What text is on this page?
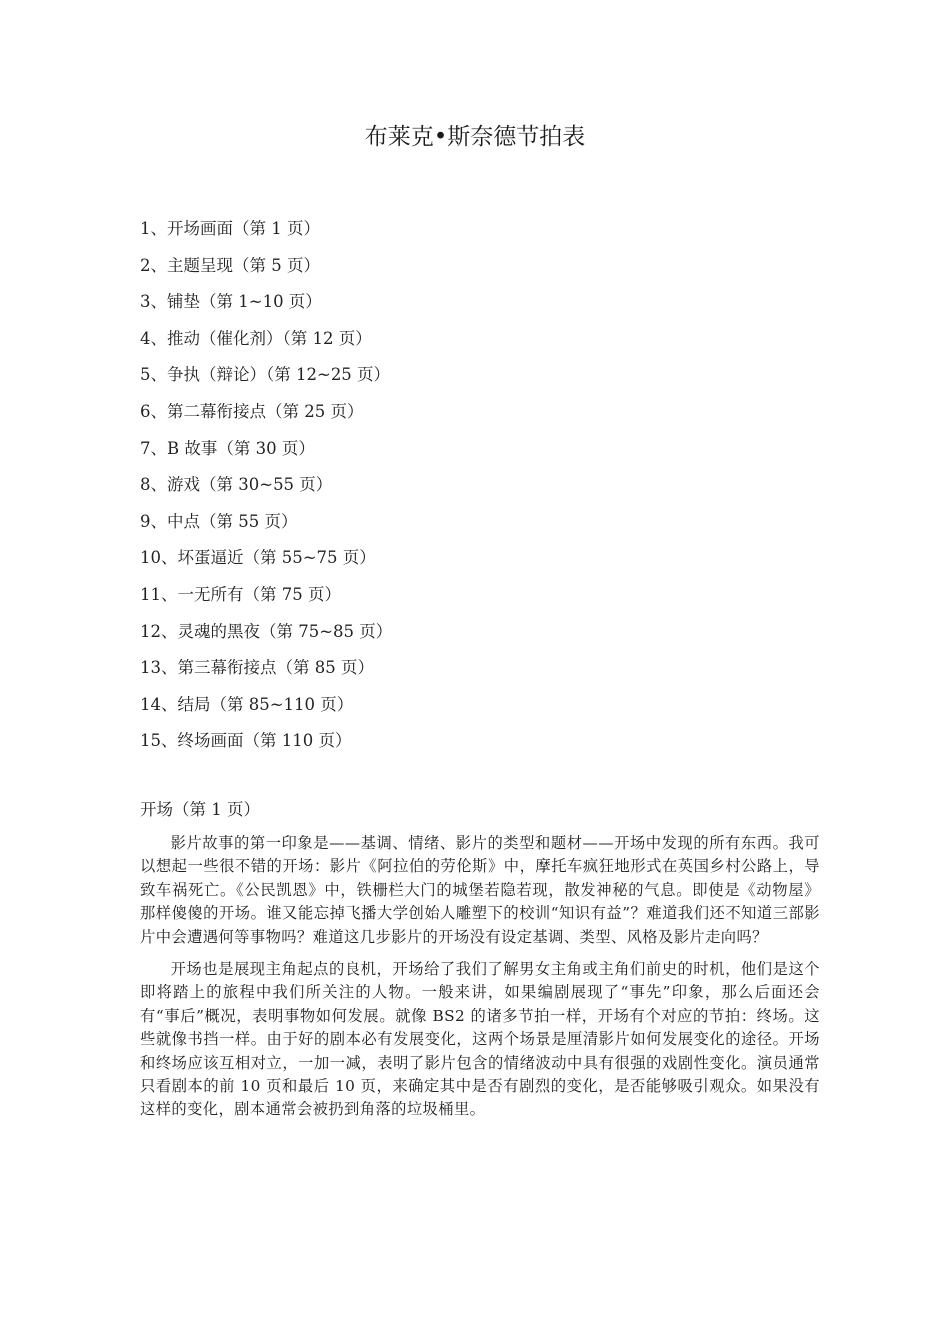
布莱克•斯奈德节拍表
1、开场画面（第 1 页）
2、主题呈现（第 5 页）
3、铺垫（第 1~10 页）
4、推动（催化剂）（第 12 页）
5、争执（辩论）（第 12~25 页）
6、第二幕衔接点（第 25 页）
7、B 故事（第 30 页）
8、游戏（第 30~55 页）
9、中点（第 55 页）
10、坏蛋逼近（第 55~75 页）
11、一无所有（第 75 页）
12、灵魂的黑夜（第 75~85 页）
13、第三幕衔接点（第 85 页）
14、结局（第 85~110 页）
15、终场画面（第 110 页）
开场（第 1 页）

影片故事的第一印象是——基调、情绪、影片的类型和题材——开场中发现的所有东西。我可以想起一些很不错的开场：影片《阿拉伯的劳伦斯》中，摩托车疯狂地形式在英国乡村公路上，导致车祸死亡。《公民凯恩》中，铁栅栏大门的城堡若隐若现，散发神秘的气息。即使是《动物屋》那样傻傻的开场。谁又能忘掉飞播大学创始人雕塑下的校训“知识有益”？难道我们还不知道三部影片中会遭遇何等事物吗？难道这几步影片的开场没有设定基调、类型、风格及影片走向吗？

开场也是展现主角起点的良机，开场给了我们了解男女主角或主角们前史的时机，他们是这个即将踏上的旅程中我们所关注的人物。一般来讲，如果编剧展现了“事先”印象，那么后面还会有“事后”概况，表明事物如何发展。就像 BS2 的诸多节拍一样，开场有个对应的节拍：终场。这些就像书挡一样。由于好的剧本必有发展变化，这两个场景是厘清影片如何发展变化的途径。开场和终场应该互相对立，一加一减，表明了影片包含的情绪波动中具有很强的戏剧性变化。演员通常只看剧本的前 10 页和最后 10 页，来确定其中是否有剧烈的变化，是否能够吸引观众。如果没有这样的变化，剧本通常会被扔到角落的垃圾桶里。
